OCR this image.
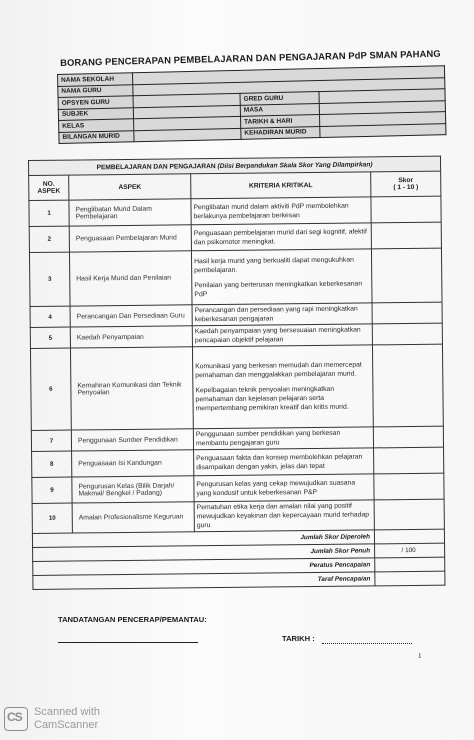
BORANG PENCERAPAN PEMBELAJARAN DAN PENGAJARAN PdP SMAN PAHANG
NAMA SEKOLAH			
NAMA GURU			
OPSYEN GURU		GRED GURU	
SUBJEK		MASA	
KELAS		TARIKH & HARI	
BILANGAN MURID		KEHADIRAN MURID	
PEMBELAJARAN DAN PENGAJARAN (Diisi Berpandukan Skala Skor Yang Dilampirkan)			
NO. ASPEK	ASPEK	KRITERIA KRITIKAL	Skor
( 1 - 10 )

1	Penglibatan Murid Dalam Pembelajaran	Penglibatan murid dalam aktiviti PdP membolehkan berlakunya pembelajaran berkesan	

2	Penguasaan Pembelajaran Murid	Penguasaan pembelajaran murid dari segi kognitif, afektif dan psikomotor meningkat.	

3	Hasil Kerja Murid dan Penilaian	Hasil kerja murid yang berkualiti dapat mengukuhkan pembelajaran.

Penilaian yang berterusan meningkatkan keberkesanan PdP	

4	Perancangan Dan Persediaan Guru	Perancangan dan persediaan yang rapi meningkatkan keberkesanan pengajaran	

5	Kaedah Penyampaian	Kaedah penyampaian yang bersesuaian meningkatkan pencapaian objektif pelajaran	

6	Kemahiran Komunikasi dan Teknik Penyoalan	Komunikasi yang berkesan memudah dan memercepat pemahaman dan menggalakkan pembelajaran murid.

Kepelbagaian teknik penyoalan meningkatkan pemahaman dan kejelasan pelajaran serta mempertembang pemikiran kreatif dan kritis murid.	

7	Penggunaan Sumber Pendidikan	Penggunaan sumber pendidikan yang berkesan membantu pengajaran guru	

8	Penguasaan Isi Kandungan	Penguasaan fakta dan konsep membolehkan pelajaran disampaikan dengan yakin, jelas dan tepat	

9	Pengurusan Kelas (Bilik Darjah/ Makmal/ Bengkel / Padang)	Pengurusan kelas yang cekap mewujudkan suasana yang kondusif untuk keberkesanan P&P	

10	Amalan Profesionalisme Keguruan	Pematuhan etika kerja dan amalan nilai yang positif mewujudkan keyakinan dan kepercayaan murid terhadap guru	

Jumlah Skor Diperoleh			
Jumlah Skor Penuh			/ 100
Peratus Pencapaian			
Taraf Pencapaian			
TANDATANGAN PENCERAP/PEMANTAU:
TARIKH :
1
CS Scanned with
CamScanner
